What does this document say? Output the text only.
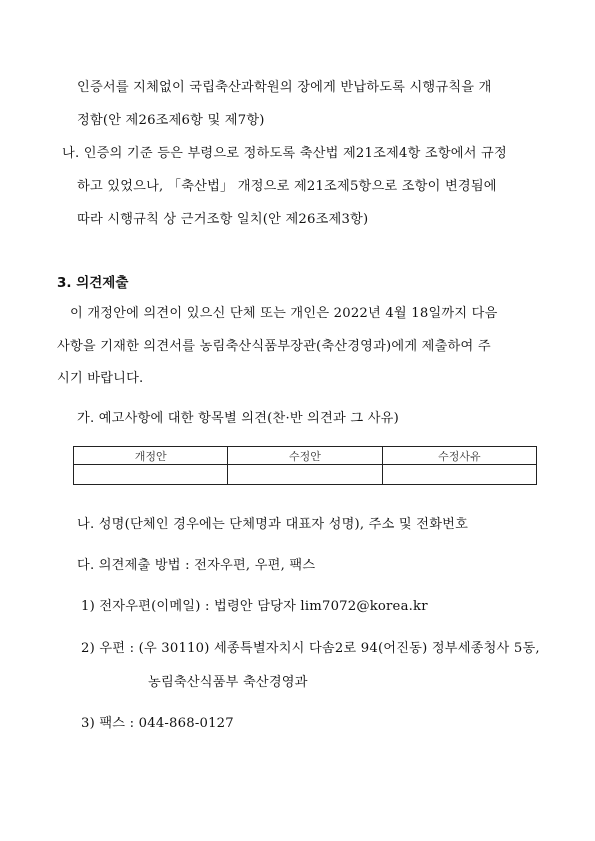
인증서를 지체없이 국립축산과학원의 장에게 반납하도록 시행규칙을 개
정함(안 제26조제6항 및 제7항)
나. 인증의 기준 등은 부령으로 정하도록 축산법 제21조제4항 조항에서 규정
하고 있었으나, 「축산법」 개정으로 제21조제5항으로 조항이 변경됨에
따라 시행규칙 상 근거조항 일치(안 제26조제3항)
3. 의견제출
이 개정안에 의견이 있으신 단체 또는 개인은 2022년 4월 18일까지 다음
사항을 기재한 의견서를 농림축산식품부장관(축산경영과)에게 제출하여 주
시기 바랍니다.
가. 예고사항에 대한 항목별 의견(찬·반 의견과 그 사유)
개정안	수정안	수정사유

나. 성명(단체인 경우에는 단체명과 대표자 성명), 주소 및 전화번호
다. 의견제출 방법 : 전자우편, 우편, 팩스
1) 전자우편(이메일) : 법령안 담당자 lim7072@korea.kr
2) 우편 : (우 30110) 세종특별자치시 다솜2로 94(어진동) 정부세종청사 5동,
농림축산식품부 축산경영과
3) 팩스 : 044-868-0127
